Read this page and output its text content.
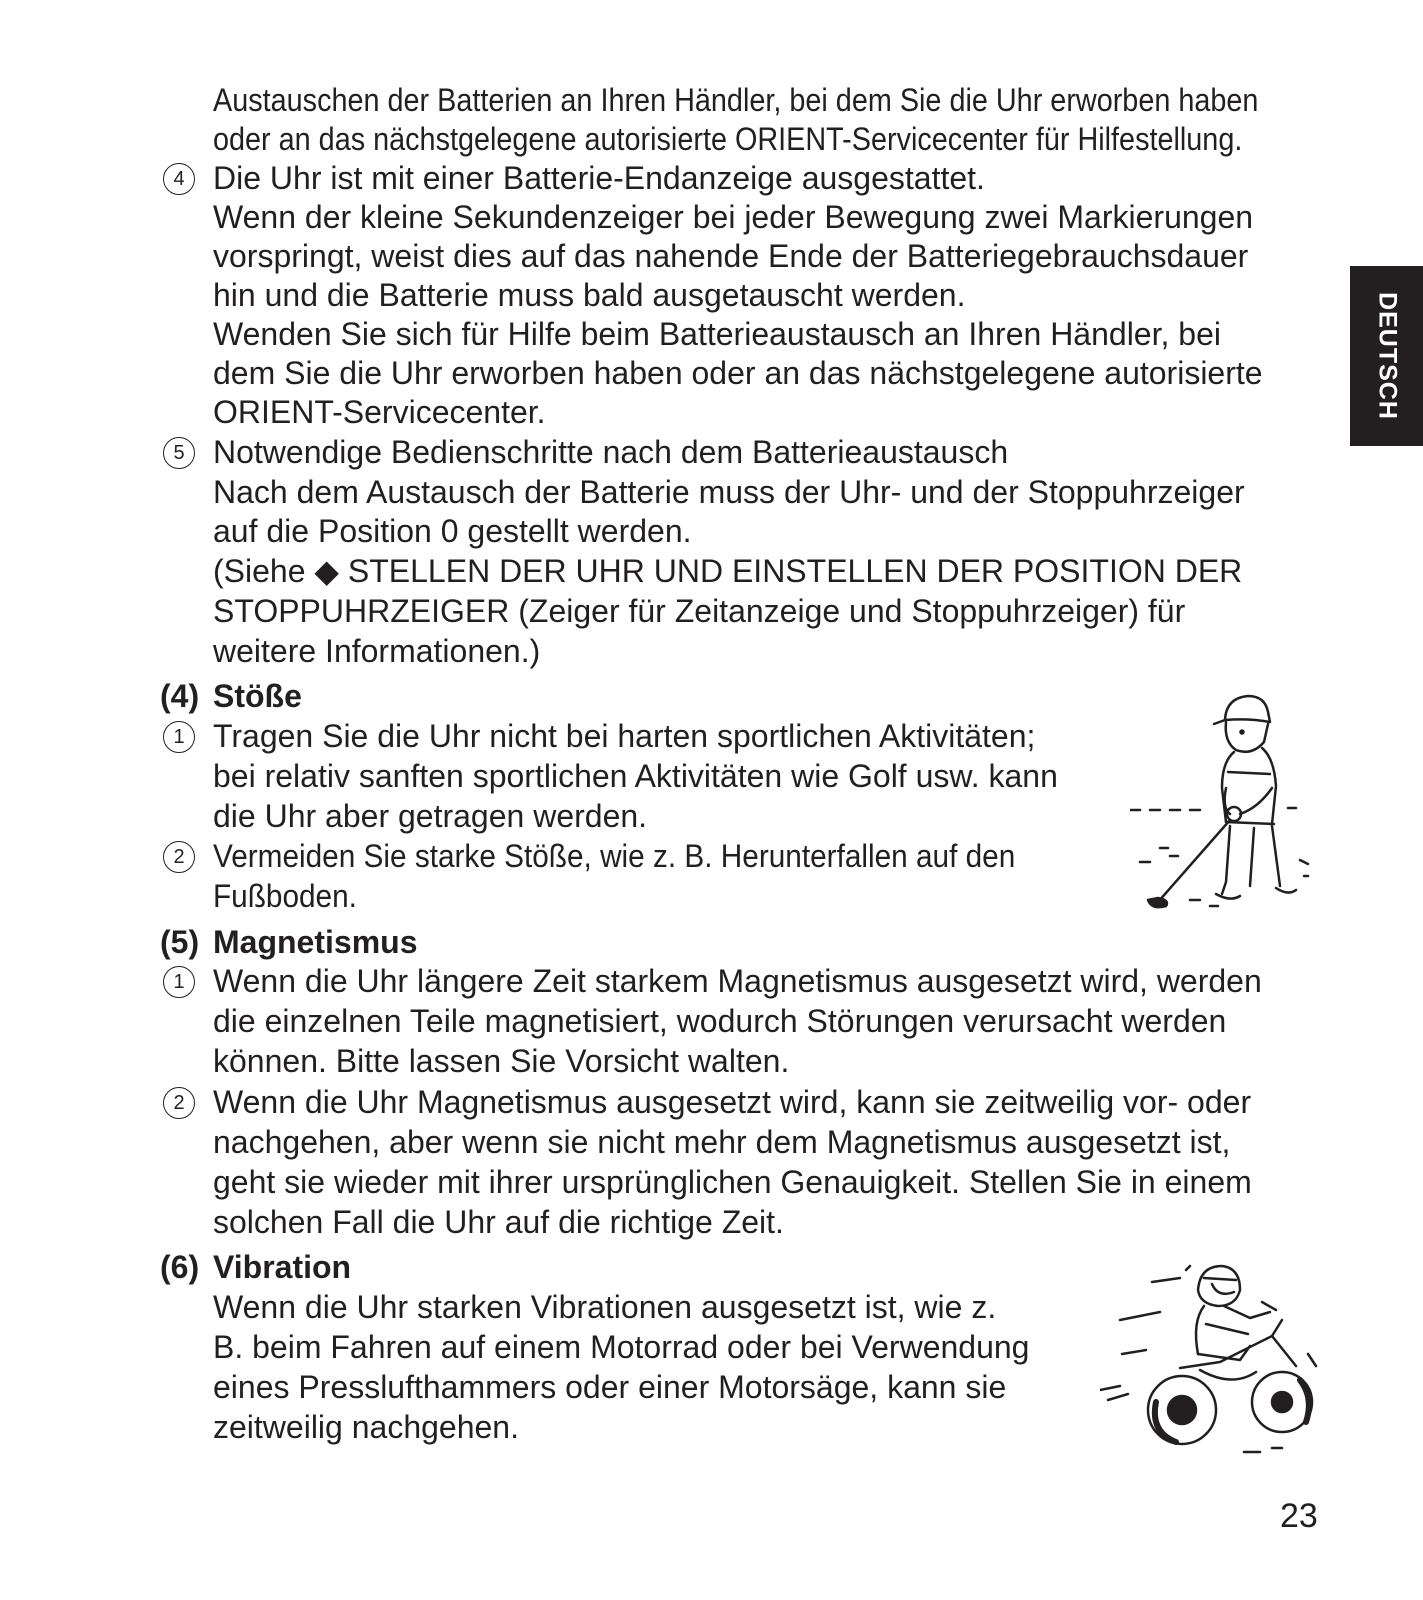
Austauschen der Batterien an Ihren Händler, bei dem Sie die Uhr erworben haben
oder an das nächstgelegene autorisierte ORIENT-Servicecenter für Hilfestellung.
4 Die Uhr ist mit einer Batterie-Endanzeige ausgestattet.
Wenn der kleine Sekundenzeiger bei jeder Bewegung zwei Markierungen
vorspringt, weist dies auf das nahende Ende der Batteriegebrauchsdauer
hin und die Batterie muss bald ausgetauscht werden.
Wenden Sie sich für Hilfe beim Batterieaustausch an Ihren Händler, bei
dem Sie die Uhr erworben haben oder an das nächstgelegene autorisierte
ORIENT-Servicecenter.
5 Notwendige Bedienschritte nach dem Batterieaustausch
Nach dem Austausch der Batterie muss der Uhr- und der Stoppuhrzeiger
auf die Position 0 gestellt werden.
(Siehe ◆ STELLEN DER UHR UND EINSTELLEN DER POSITION DER
STOPPUHRZEIGER (Zeiger für Zeitanzeige und Stoppuhrzeiger) für
weitere Informationen.)
(4) Stöße
1 Tragen Sie die Uhr nicht bei harten sportlichen Aktivitäten;
bei relativ sanften sportlichen Aktivitäten wie Golf usw. kann
die Uhr aber getragen werden.
2 Vermeiden Sie starke Stöße, wie z. B. Herunterfallen auf den
Fußboden.
(5) Magnetismus
1 Wenn die Uhr längere Zeit starkem Magnetismus ausgesetzt wird, werden
die einzelnen Teile magnetisiert, wodurch Störungen verursacht werden
können. Bitte lassen Sie Vorsicht walten.
2 Wenn die Uhr Magnetismus ausgesetzt wird, kann sie zeitweilig vor- oder
nachgehen, aber wenn sie nicht mehr dem Magnetismus ausgesetzt ist,
geht sie wieder mit ihrer ursprünglichen Genauigkeit. Stellen Sie in einem
solchen Fall die Uhr auf die richtige Zeit.
(6) Vibration
Wenn die Uhr starken Vibrationen ausgesetzt ist, wie z.
B. beim Fahren auf einem Motorrad oder bei Verwendung
eines Presslufthammers oder einer Motorsäge, kann sie
zeitweilig nachgehen.
DEUTSCH
23
